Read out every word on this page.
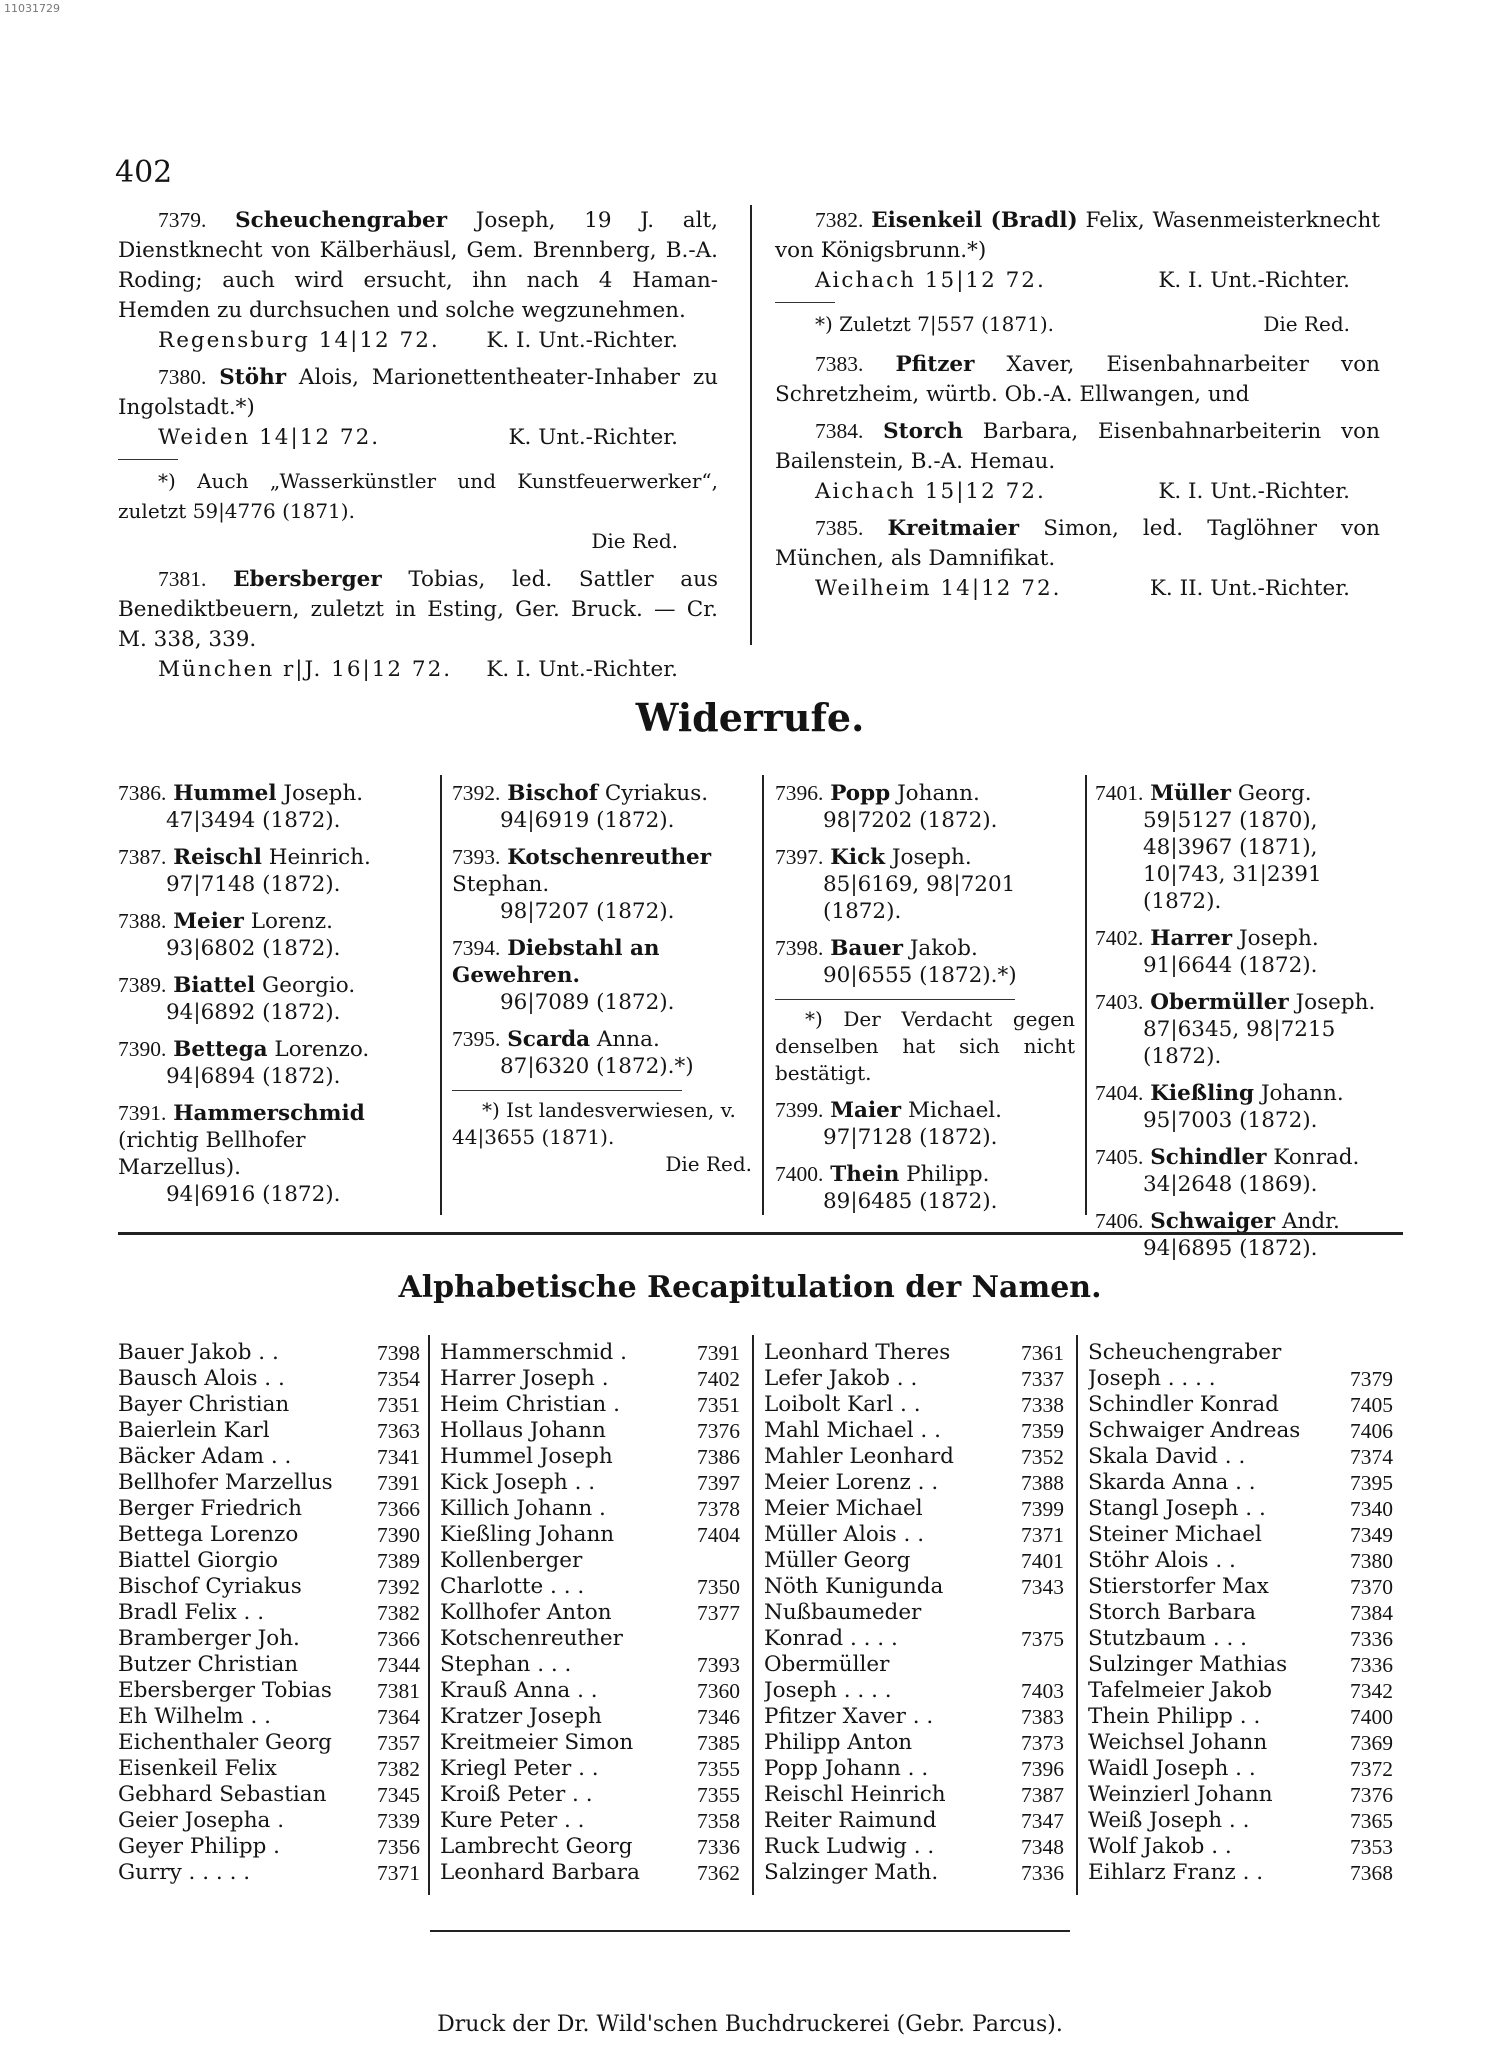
11031729
402
7379. Scheuchengraber Joseph, 19 J. alt, Dienstknecht von Kälberhäusl, Gem. Brennberg, B.-A. Roding; auch wird ersucht, ihn nach 4 Haman-Hemden zu durchsuchen und solche wegzunehmen.
Regensburg 14|12 72. K. I. Unt.-Richter.
7380. Stöhr Alois, Marionettentheater-Inhaber zu Ingolstadt.*)
Weiden 14|12 72.	K. Unt.-Richter.
*) Auch „Wasserkünstler und Kunstfeuerwerker“, zuletzt 59|4776 (1871).
Die Red.
7381. Ebersberger Tobias, led. Sattler aus Benediktbeuern, zuletzt in Esting, Ger. Bruck. — Cr. M. 338, 339.
München r|J. 16|12 72. K. I. Unt.-Richter.
7382. Eisenkeil (Bradl) Felix, Wasenmeisterknecht von Königsbrunn.*)
Aichach 15|12 72.	K. I. Unt.-Richter.
*) Zuletzt 7|557 (1871).	Die Red.
7383. Pfitzer Xaver, Eisenbahnarbeiter von Schretzheim, würtb. Ob.-A. Ellwangen, und
7384. Storch Barbara, Eisenbahnarbeiterin von Bailenstein, B.-A. Hemau.
Aichach 15|12 72.	K. I. Unt.-Richter.
7385. Kreitmaier Simon, led. Taglöhner von München, als Damnifikat.
Weilheim 14|12 72.	K. II. Unt.-Richter.
Widerrufe.
7386. Hummel Joseph.
47|3494 (1872).
7387. Reischl Heinrich.
97|7148 (1872).
7388. Meier Lorenz.
93|6802 (1872).
7389. Biattel Georgio.
94|6892 (1872).
7390. Bettega Lorenzo.
94|6894 (1872).
7391. Hammerschmid (richtig Bellhofer Marzellus).
94|6916 (1872).
7392. Bischof Cyriakus.
94|6919 (1872).
7393. Kotschenreuther Stephan.
98|7207 (1872).
7394. Diebstahl an Gewehren.
96|7089 (1872).
7395. Scarda Anna.
87|6320 (1872).*)
*) Ist landesverwiesen, v. 44|3655 (1871).
Die Red.
7396. Popp Johann.
98|7202 (1872).
7397. Kick Joseph.
85|6169, 98|7201 (1872).
7398. Bauer Jakob.
90|6555 (1872).*)
*) Der Verdacht gegen denselben hat sich nicht bestätigt.
7399. Maier Michael.
97|7128 (1872).
7400. Thein Philipp.
89|6485 (1872).
7401. Müller Georg.
59|5127 (1870), 48|3967 (1871), 10|743, 31|2391 (1872).
7402. Harrer Joseph.
91|6644 (1872).
7403. Obermüller Joseph.
87|6345, 98|7215 (1872).
7404. Kießling Johann.
95|7003 (1872).
7405. Schindler Konrad.
34|2648 (1869).
7406. Schwaiger Andr.
94|6895 (1872).
Alphabetische Recapitulation der Namen.
Bauer Jakob . .	7398
Bausch Alois . .	7354
Bayer Christian	7351
Baierlein Karl	7363
Bäcker Adam . .	7341
Bellhofer Marzellus	7391
Berger Friedrich	7366
Bettega Lorenzo	7390
Biattel Giorgio	7389
Bischof Cyriakus	7392
Bradl Felix . .	7382
Bramberger Joh.	7366
Butzer Christian	7344
Ebersberger Tobias	7381
Eh Wilhelm . .	7364
Eichenthaler Georg	7357
Eisenkeil Felix	7382
Gebhard Sebastian	7345
Geier Josepha .	7339
Geyer Philipp .	7356
Gurry . . . . .	7371
Hammerschmid .	7391
Harrer Joseph .	7402
Heim Christian .	7351
Hollaus Johann	7376
Hummel Joseph	7386
Kick Joseph . .	7397
Killich Johann .	7378
Kießling Johann	7404
Kollenberger
Charlotte . . .	7350
Kollhofer Anton	7377
Kotschenreuther
Stephan . . .	7393
Krauß Anna . .	7360
Kratzer Joseph	7346
Kreitmeier Simon	7385
Kriegl Peter . .	7355
Kroiß Peter . .	7355
Kure Peter . .	7358
Lambrecht Georg	7336
Leonhard Barbara	7362
Leonhard Theres	7361
Lefer Jakob . .	7337
Loibolt Karl . .	7338
Mahl Michael . .	7359
Mahler Leonhard	7352
Meier Lorenz . .	7388
Meier Michael	7399
Müller Alois . .	7371
Müller Georg	7401
Nöth Kunigunda	7343
Nußbaumeder
Konrad . . . .	7375
Obermüller
Joseph . . . .	7403
Pfitzer Xaver . .	7383
Philipp Anton	7373
Popp Johann . .	7396
Reischl Heinrich	7387
Reiter Raimund	7347
Ruck Ludwig . .	7348
Salzinger Math.	7336
Scheuchengraber
Joseph . . . .	7379
Schindler Konrad	7405
Schwaiger Andreas	7406
Skala David . .	7374
Skarda Anna . .	7395
Stangl Joseph . .	7340
Steiner Michael	7349
Stöhr Alois . .	7380
Stierstorfer Max	7370
Storch Barbara	7384
Stutzbaum . . .	7336
Sulzinger Mathias	7336
Tafelmeier Jakob	7342
Thein Philipp . .	7400
Weichsel Johann	7369
Waidl Joseph . .	7372
Weinzierl Johann	7376
Weiß Joseph . .	7365
Wolf Jakob . .	7353
Eihlarz Franz . .	7368
Druck der Dr. Wild'schen Buchdruckerei (Gebr. Parcus).
